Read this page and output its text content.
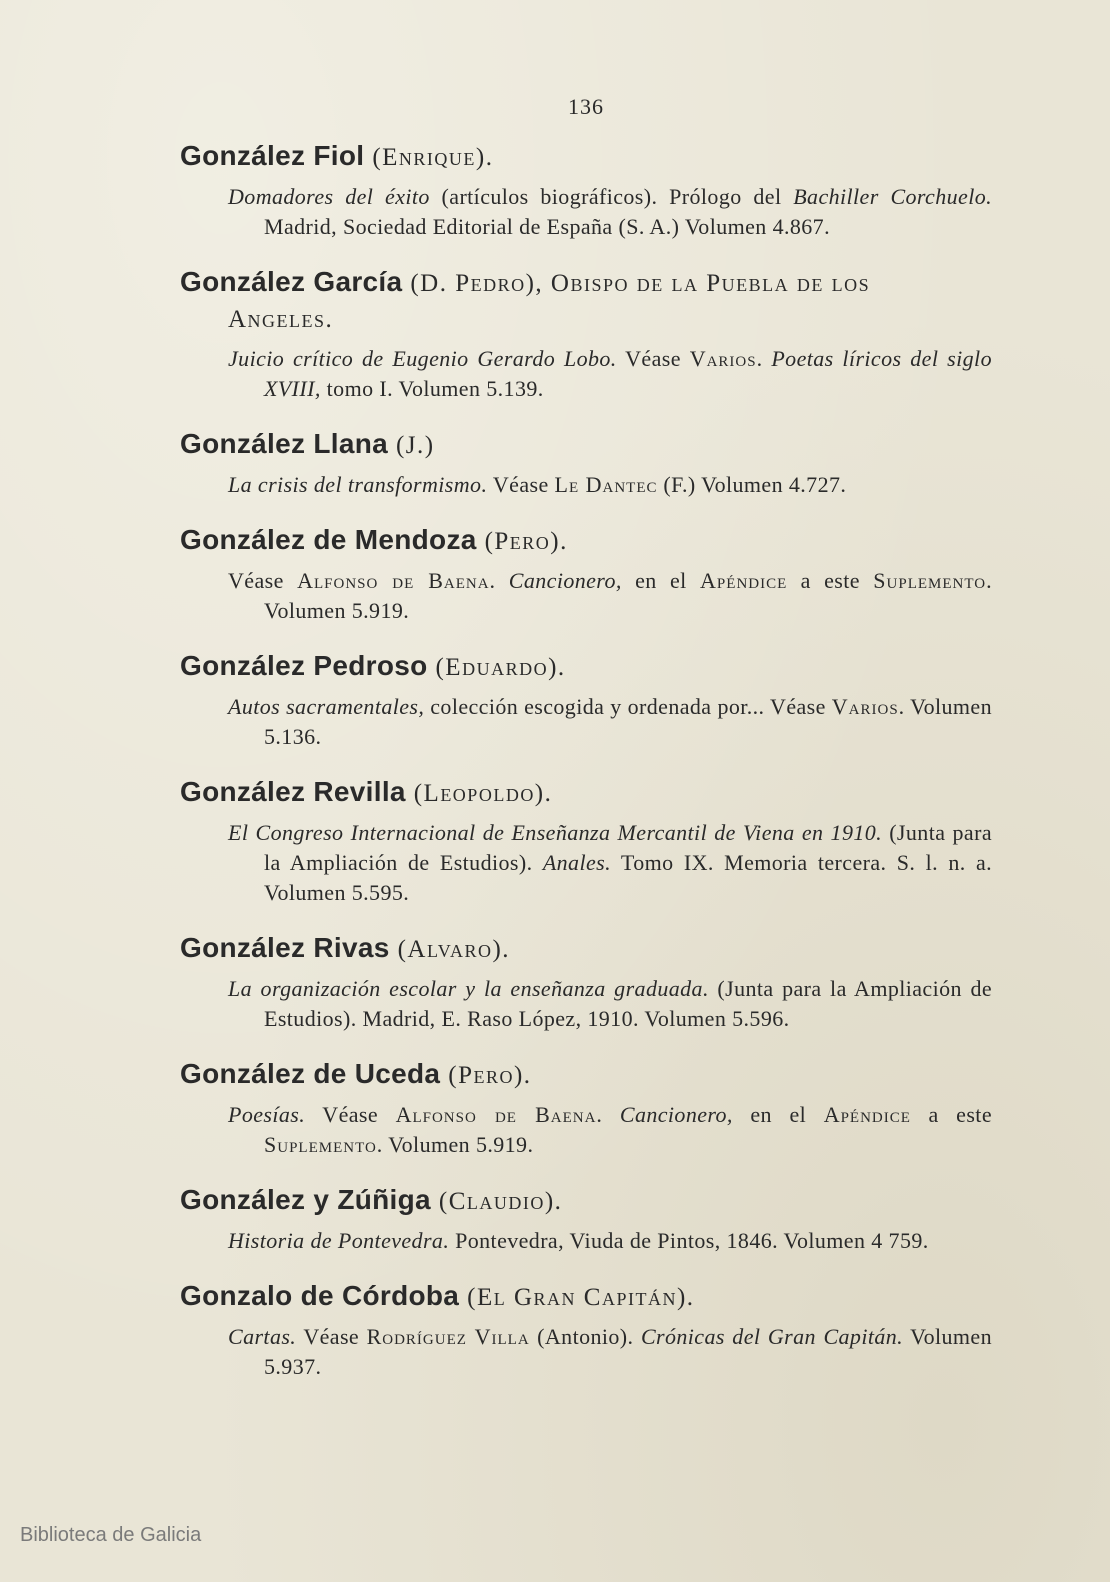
136
González Fiol (Enrique).

Domadores del éxito (artículos biográficos). Prólogo del Bachiller Corchuelo. Madrid, Sociedad Editorial de España (S. A.) Volumen 4.867.

González García (D. Pedro), Obispo de la Puebla de los
Angeles.

Juicio crítico de Eugenio Gerardo Lobo. Véase Varios. Poetas líricos del siglo XVIII, tomo I. Volumen 5.139.

González Llana (J.)

La crisis del transformismo. Véase Le Dantec (F.) Volumen 4.727.

González de Mendoza (Pero).

Véase Alfonso de Baena. Cancionero, en el Apéndice a este Suplemento. Volumen 5.919.

González Pedroso (Eduardo).

Autos sacramentales, colección escogida y ordenada por... Véase Varios. Volumen 5.136.

González Revilla (Leopoldo).

El Congreso Internacional de Enseñanza Mercantil de Viena en 1910. (Junta para la Ampliación de Estudios). Anales. Tomo IX. Memoria tercera. S. l. n. a. Volumen 5.595.

González Rivas (Alvaro).

La organización escolar y la enseñanza graduada. (Junta para la Ampliación de Estudios). Madrid, E. Raso López, 1910. Volumen 5.596.

González de Uceda (Pero).

Poesías. Véase Alfonso de Baena. Cancionero, en el Apéndice a este Suplemento. Volumen 5.919.

González y Zúñiga (Claudio).

Historia de Pontevedra. Pontevedra, Viuda de Pintos, 1846. Volumen 4 759.

Gonzalo de Córdoba (El Gran Capitán).

Cartas. Véase Rodríguez Villa (Antonio). Crónicas del Gran Capitán. Volumen 5.937.

Biblioteca de Galicia
